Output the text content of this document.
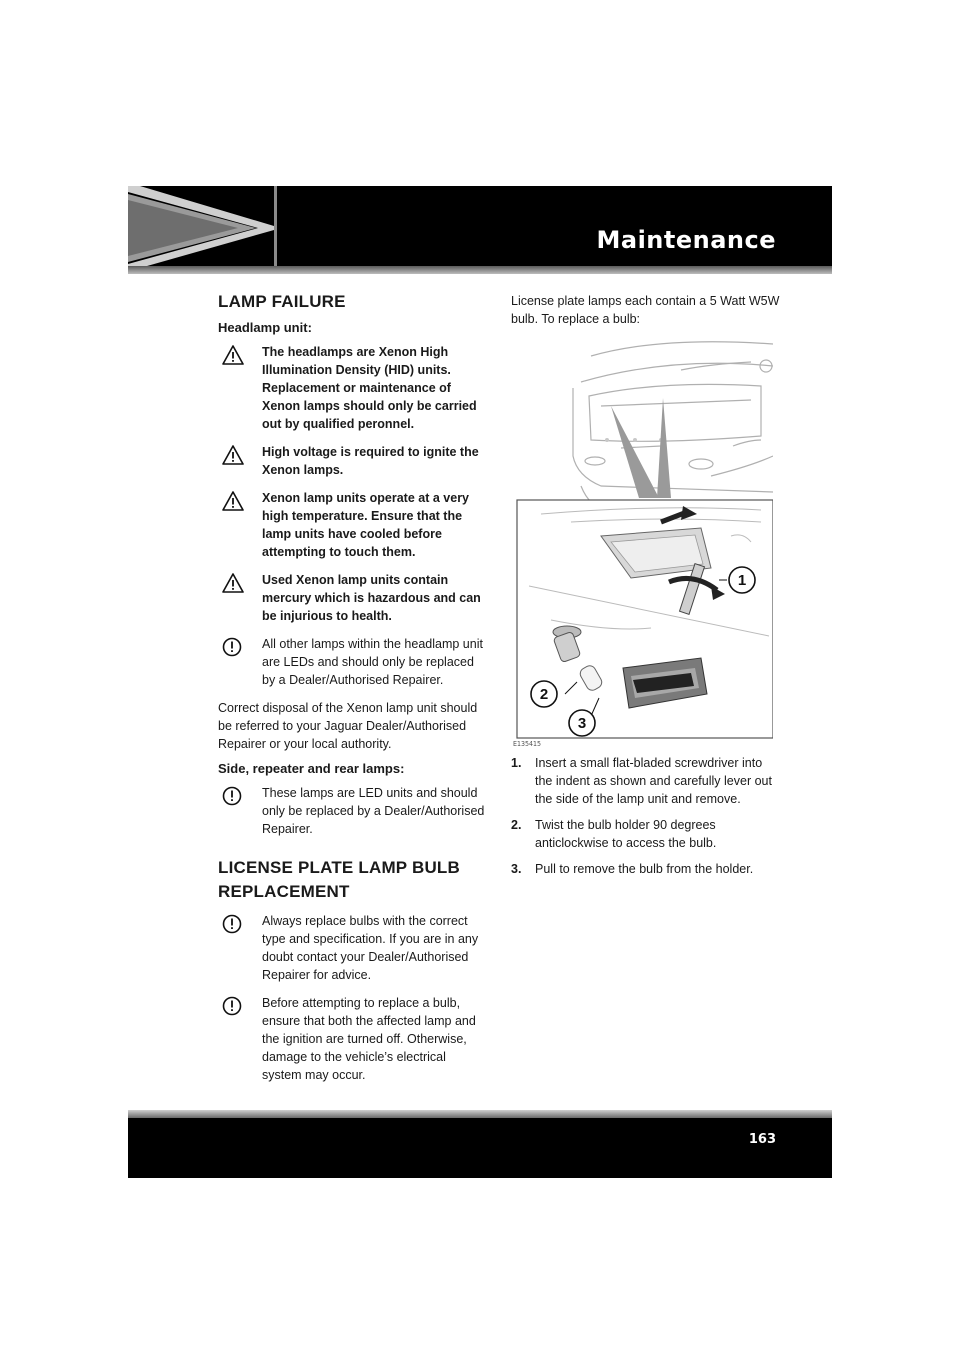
Maintenance
LAMP FAILURE
Headlamp unit:
The headlamps are Xenon High Illumination Density (HID) units. Replacement or maintenance of Xenon lamps should only be carried out by qualified peronnel.
High voltage is required to ignite the Xenon lamps.
Xenon lamp units operate at a very high temperature. Ensure that the lamp units have cooled before attempting to touch them.
Used Xenon lamp units contain mercury which is hazardous and can be injurious to health.
All other lamps within the headlamp unit are LEDs and should only be replaced by a Dealer/Authorised Repairer.

Correct disposal of the Xenon lamp unit should be referred to your Jaguar Dealer/Authorised Repairer or your local authority.

Side, repeater and rear lamps:
These lamps are LED units and should only be replaced by a Dealer/Authorised Repairer.
LICENSE PLATE LAMP BULB REPLACEMENT
Always replace bulbs with the correct type and specification. If you are in any doubt contact your Dealer/Authorised Repairer for advice.
Before attempting to replace a bulb, ensure that both the affected lamp and the ignition are turned off. Otherwise, damage to the vehicle’s electrical system may occur.

License plate lamps each contain a 5 Watt W5W bulb. To replace a bulb:

1
2
3
E135415
1.	Insert a small flat-bladed screwdriver into the indent as shown and carefully lever out the side of the lamp unit and remove.
2.	Twist the bulb holder 90 degrees anticlockwise to access the bulb.
3.	Pull to remove the bulb from the holder.
163
